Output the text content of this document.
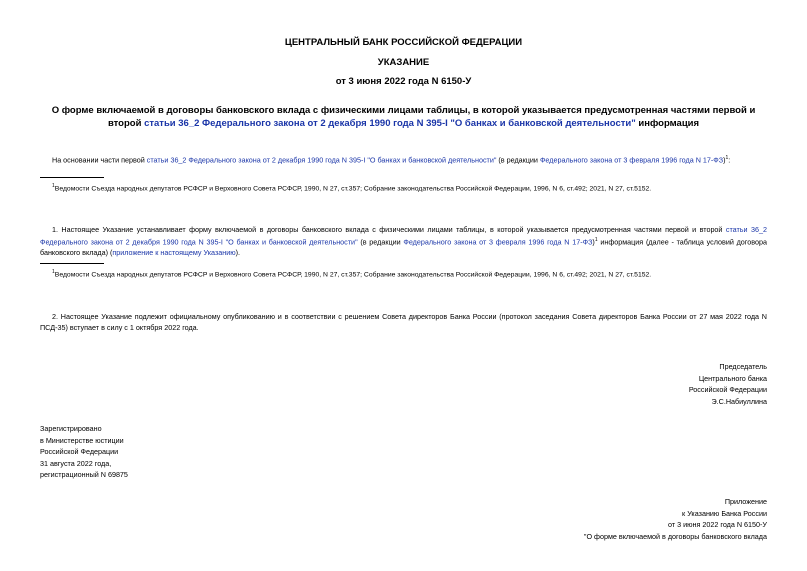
ЦЕНТРАЛЬНЫЙ БАНК РОССИЙСКОЙ ФЕДЕРАЦИИ
УКАЗАНИЕ
от 3 июня 2022 года N 6150-У
О форме включаемой в договоры банковского вклада с физическими лицами таблицы, в которой указывается предусмотренная частями первой и второй статьи 36_2 Федерального закона от 2 декабря 1990 года N 395-I "О банках и банковской деятельности" информация
На основании части первой статьи 36_2 Федерального закона от 2 декабря 1990 года N 395-I "О банках и банковской деятельности" (в редакции Федерального закона от 3 февраля 1996 года N 17-ФЗ)$^1$:
$^1$Ведомости Съезда народных депутатов РСФСР и Верховного Совета РСФСР, 1990, N 27, ст.357; Собрание законодательства Российской Федерации, 1996, N 6, ст.492; 2021, N 27, ст.5152.
1. Настоящее Указание устанавливает форму включаемой в договоры банковского вклада с физическими лицами таблицы, в которой указывается предусмотренная частями первой и второй статьи 36_2 Федерального закона от 2 декабря 1990 года N 395-I "О банках и банковской деятельности" (в редакции Федерального закона от 3 февраля 1996 года N 17-ФЗ)$^1$ информация (далее - таблица условий договора банковского вклада) (приложение к настоящему Указанию).
$^1$Ведомости Съезда народных депутатов РСФСР и Верховного Совета РСФСР, 1990, N 27, ст.357; Собрание законодательства Российской Федерации, 1996, N 6, ст.492; 2021, N 27, ст.5152.
2. Настоящее Указание подлежит официальному опубликованию и в соответствии с решением Совета директоров Банка России (протокол заседания Совета директоров Банка России от 27 мая 2022 года N ПСД-35) вступает в силу с 1 октября 2022 года.
Председатель
Центрального банка
Российской Федерации
Э.С.Набиуллина
Зарегистрировано
в Министерстве юстиции
Российской Федерации
31 августа 2022 года,
регистрационный N 69875
Приложение
к Указанию Банка России
от 3 июня 2022 года N 6150-У
"О форме включаемой в договоры банковского вклада
